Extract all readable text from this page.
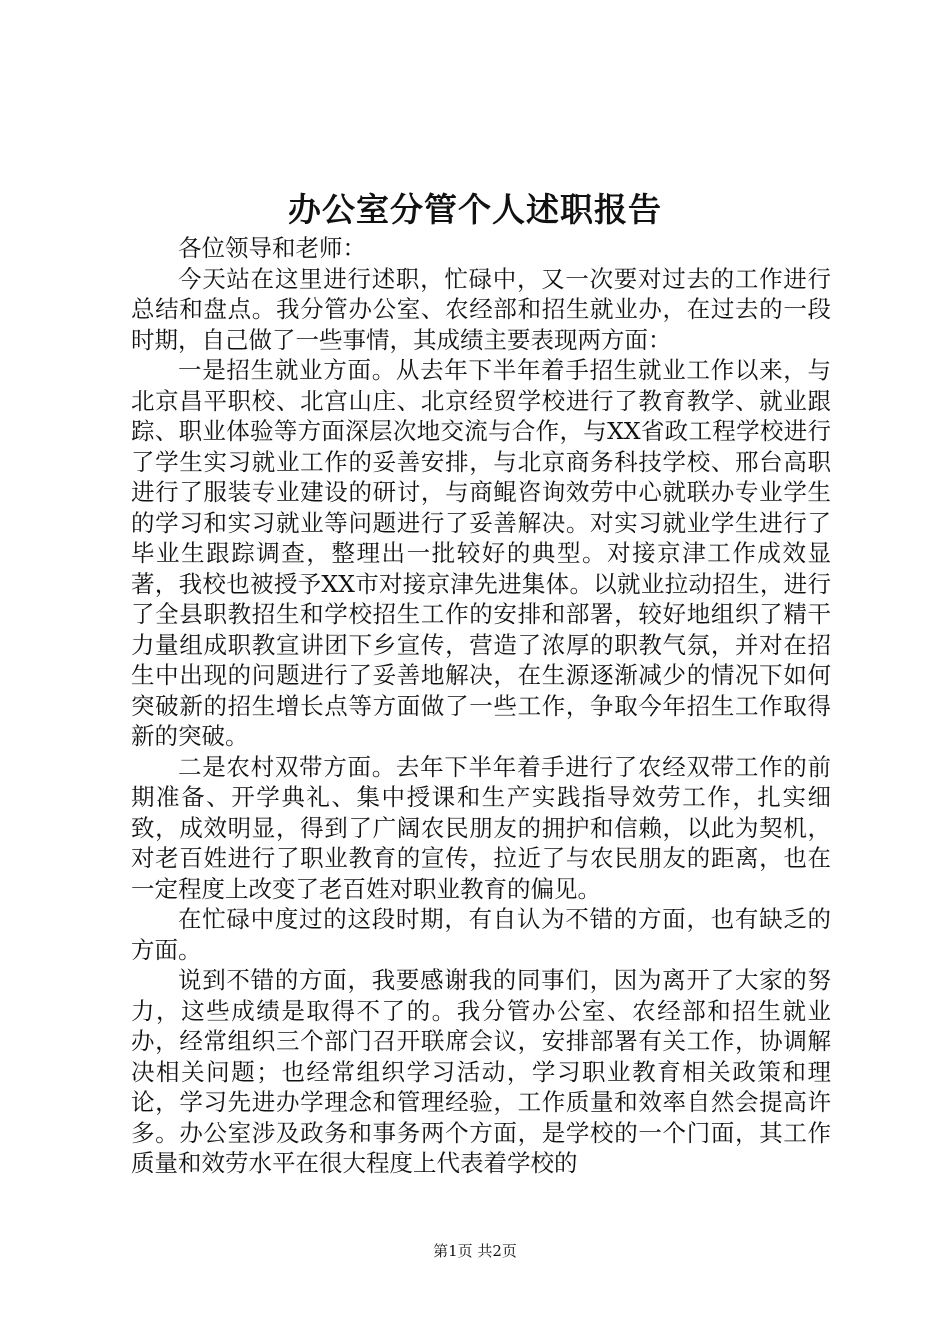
办公室分管个人述职报告

各位领导和老师：

今天站在这里进行述职，忙碌中，又一次要对过去的工作进行总结和盘点。我分管办公室、农经部和招生就业办，在过去的一段时期，自己做了一些事情，其成绩主要表现两方面：

一是招生就业方面。从去年下半年着手招生就业工作以来，与北京昌平职校、北宫山庄、北京经贸学校进行了教育教学、就业跟踪、职业体验等方面深层次地交流与合作，与XX省政工程学校进行了学生实习就业工作的妥善安排，与北京商务科技学校、邢台高职进行了服装专业建设的研讨，与商鲲咨询效劳中心就联办专业学生的学习和实习就业等问题进行了妥善解决。对实习就业学生进行了毕业生跟踪调查，整理出一批较好的典型。对接京津工作成效显著，我校也被授予XX市对接京津先进集体。以就业拉动招生，进行了全县职教招生和学校招生工作的安排和部署，较好地组织了精干力量组成职教宣讲团下乡宣传，营造了浓厚的职教气氛，并对在招生中出现的问题进行了妥善地解决，在生源逐渐减少的情况下如何突破新的招生增长点等方面做了一些工作，争取今年招生工作取得新的突破。

二是农村双带方面。去年下半年着手进行了农经双带工作的前期准备、开学典礼、集中授课和生产实践指导效劳工作，扎实细致，成效明显，得到了广阔农民朋友的拥护和信赖，以此为契机，对老百姓进行了职业教育的宣传，拉近了与农民朋友的距离，也在一定程度上改变了老百姓对职业教育的偏见。

在忙碌中度过的这段时期，有自认为不错的方面，也有缺乏的方面。

说到不错的方面，我要感谢我的同事们，因为离开了大家的努力，这些成绩是取得不了的。我分管办公室、农经部和招生就业办，经常组织三个部门召开联席会议，安排部署有关工作，协调解决相关问题；也经常组织学习活动，学习职业教育相关政策和理论，学习先进办学理念和管理经验，工作质量和效率自然会提高许多。办公室涉及政务和事务两个方面，是学校的一个门面，其工作质量和效劳水平在很大程度上代表着学校的

第1页 共2页
